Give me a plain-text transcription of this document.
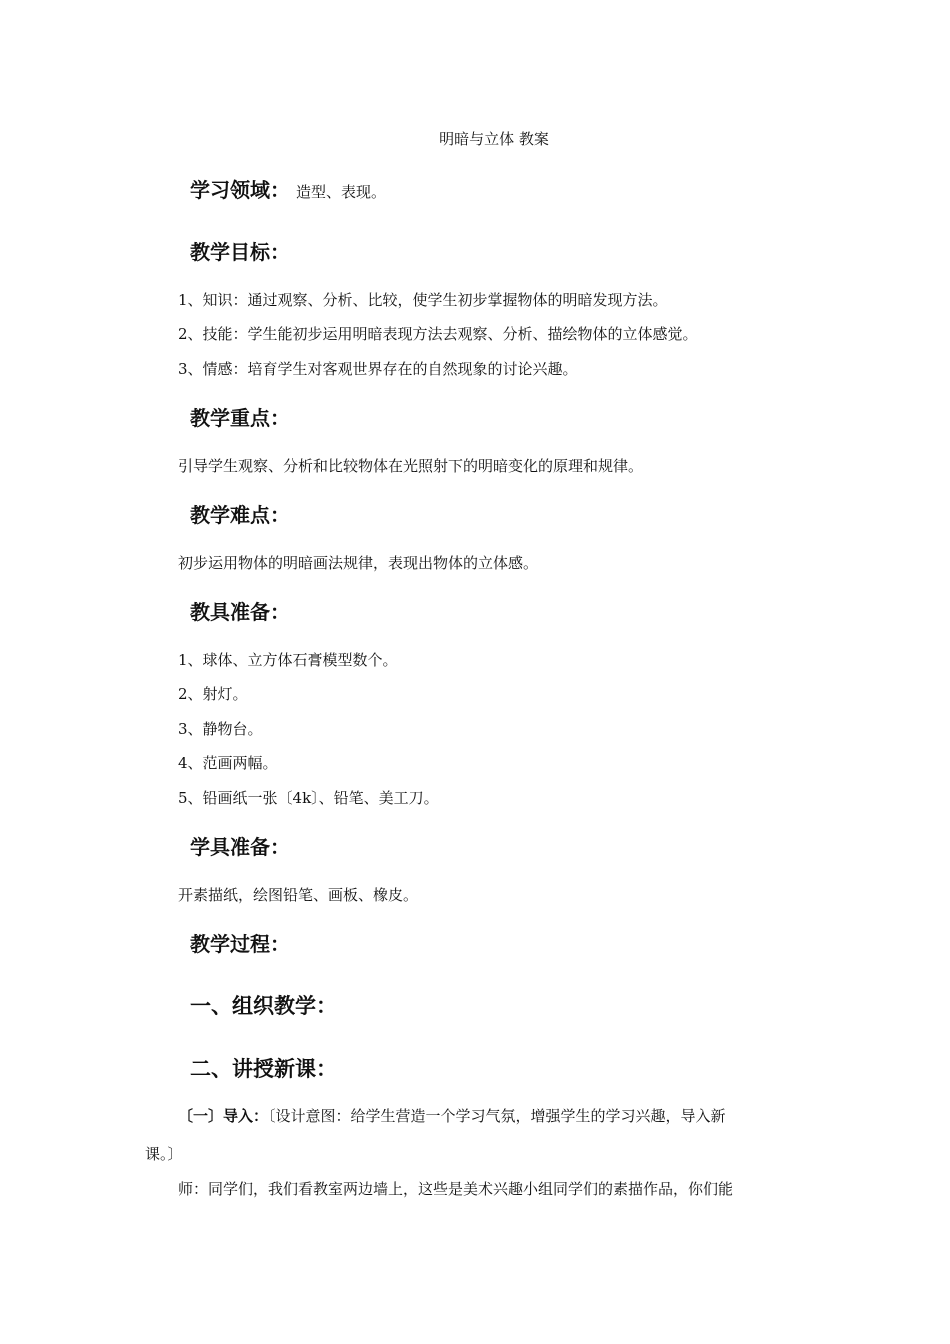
明暗与立体 教案
学习领域： 造型、表现。
教学目标：
1、知识：通过观察、分析、比较，使学生初步掌握物体的明暗发现方法。
2、技能：学生能初步运用明暗表现方法去观察、分析、描绘物体的立体感觉。
3、情感：培育学生对客观世界存在的自然现象的讨论兴趣。
教学重点：
引导学生观察、分析和比较物体在光照射下的明暗变化的原理和规律。
教学难点：
初步运用物体的明暗画法规律，表现出物体的立体感。
教具准备：
1、球体、立方体石膏模型数个。
2、射灯。
3、静物台。
4、范画两幅。
5、铅画纸一张〔4k〕、铅笔、美工刀。
学具准备：
开素描纸，绘图铅笔、画板、橡皮。
教学过程：
一、组织教学：
二、讲授新课：
〔一〕导入：〔设计意图：给学生营造一个学习气氛，增强学生的学习兴趣，导入新
课。〕
师：同学们，我们看教室两边墙上，这些是美术兴趣小组同学们的素描作品，你们能
